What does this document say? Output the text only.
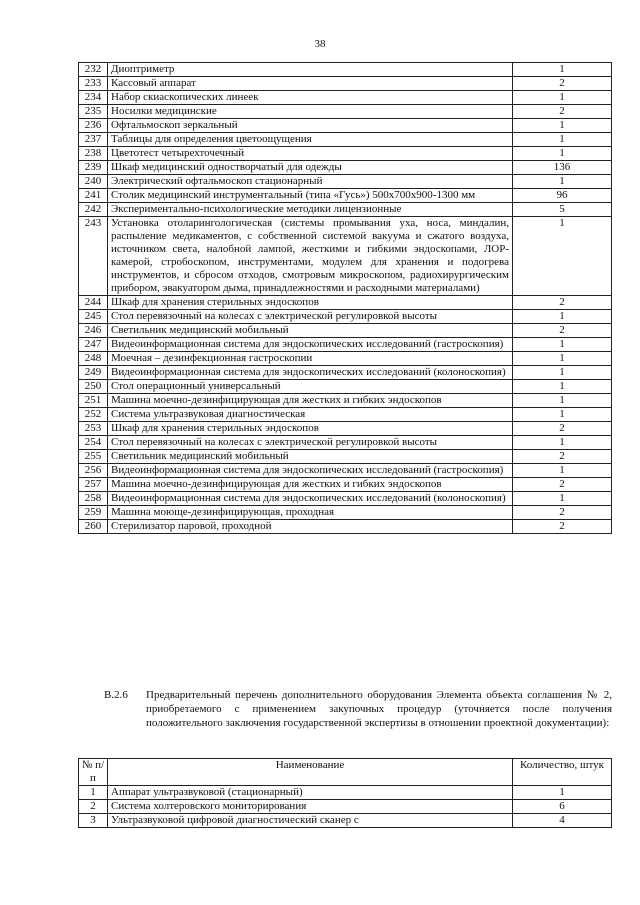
38
232	Диоптриметр	1
233	Кассовый аппарат	2
234	Набор скиаскопических линеек	1
235	Носилки медицинские	2
236	Офтальмоскоп зеркальный	1
237	Таблицы для определения цветоощущения	1
238	Цветотест четырехточечный	1
239	Шкаф медицинский одностворчатый для одежды	136
240	Электрический офтальмоскоп стационарный	1
241	Столик медицинский инструментальный (типа «Гусь») 500х700х900-1300 мм	96
242	Экспериментально-психологические методики лицензионные	5
243	Установка отоларингологическая (системы промывания уха, носа, миндалин, распыление медикаментов, с собственной системой вакуума и сжатого воздуха, источником света, налобной лампой, жесткими и гибкими эндоскопами, ЛОР-камерой, стробоскопом, инструментами, модулем для хранения и подогрева инструментов, и сбросом отходов, смотровым микроскопом, радиохирургическим прибором, эвакуатором дыма, принадлежностями и расходными материалами)	1
244	Шкаф для хранения стерильных эндоскопов	2
245	Стол перевязочный на колесах с электрической регулировкой высоты	1
246	Светильник медицинский мобильный	2
247	Видеоинформационная система для эндоскопических исследований (гастроскопия)	1
248	Моечная – дезинфекционная гастроскопии	1
249	Видеоинформационная система для эндоскопических исследований (колоноскопия)	1
250	Стол операционный универсальный	1
251	Машина моечно-дезинфицирующая для жестких и гибких эндоскопов	1
252	Система ультразвуковая диагностическая	1
253	Шкаф для хранения стерильных эндоскопов	2
254	Стол перевязочный на колесах с электрической регулировкой высоты	1
255	Светильник медицинский мобильный	2
256	Видеоинформационная система для эндоскопических исследований (гастроскопия)	1
257	Машина моечно-дезинфицирующая для жестких и гибких эндоскопов	2
258	Видеоинформационная система для эндоскопических исследований (колоноскопия)	1
259	Машина моюще-дезинфицирующая, проходная	2
260	Стерилизатор паровой, проходной	2
В.2.6 Предварительный перечень дополнительного оборудования Элемента объекта соглашения № 2, приобретаемого с применением закупочных процедур (уточняется после получения положительного заключения государственной экспертизы в отношении проектной документации):
№ п/п	Наименование	Количество, штук
1	Аппарат ультразвуковой (стационарный)	1
2	Система холтеровского мониторирования	6
3	Ультразвуковой цифровой диагностический сканер с	4
